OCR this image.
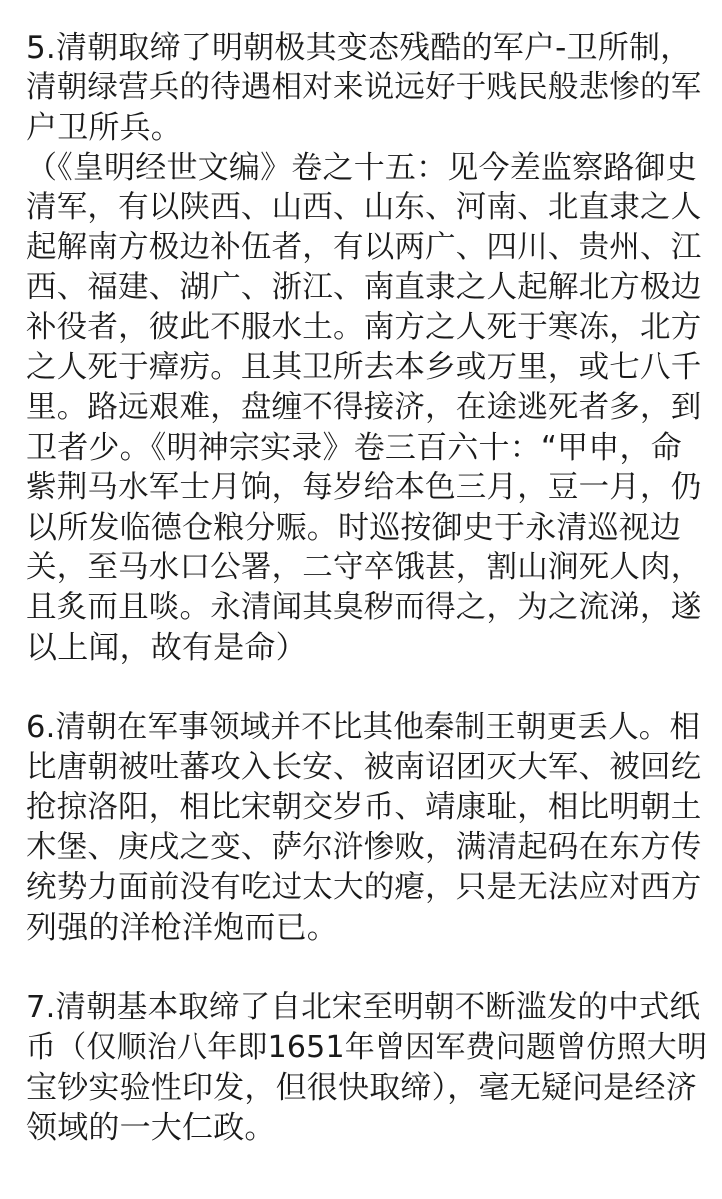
5.清朝取缔了明朝极其变态残酷的军户-卫所制，
清朝绿营兵的待遇相对来说远好于贱民般悲惨的军
户卫所兵。
（《皇明经世文编》卷之十五：见今差监察路御史
清军，有以陕西、山西、山东、河南、北直隶之人
起解南方极边补伍者，有以两广、四川、贵州、江
西、福建、湖广、浙江、南直隶之人起解北方极边
补役者，彼此不服水土。南方之人死于寒冻，北方
之人死于瘴疠。且其卫所去本乡或万里，或七八千
里。路远艰难，盘缠不得接济，在途逃死者多，到
卫者少。《明神宗实录》卷三百六十：“甲申，命
紫荆马水军士月饷，每岁给本色三月，豆一月，仍
以所发临德仓粮分赈。时巡按御史于永清巡视边
关，至马水口公署，二守卒饿甚，割山涧死人肉，
且炙而且啖。永清闻其臭秽而得之，为之流涕，遂
以上闻，故有是命）
6.清朝在军事领域并不比其他秦制王朝更丢人。相
比唐朝被吐蕃攻入长安、被南诏团灭大军、被回纥
抢掠洛阳，相比宋朝交岁币、靖康耻，相比明朝土
木堡、庚戌之变、萨尔浒惨败，满清起码在东方传
统势力面前没有吃过太大的瘪，只是无法应对西方
列强的洋枪洋炮而已。
7.清朝基本取缔了自北宋至明朝不断滥发的中式纸
币（仅顺治八年即1651年曾因军费问题曾仿照大明
宝钞实验性印发，但很快取缔），毫无疑问是经济
领域的一大仁政。
